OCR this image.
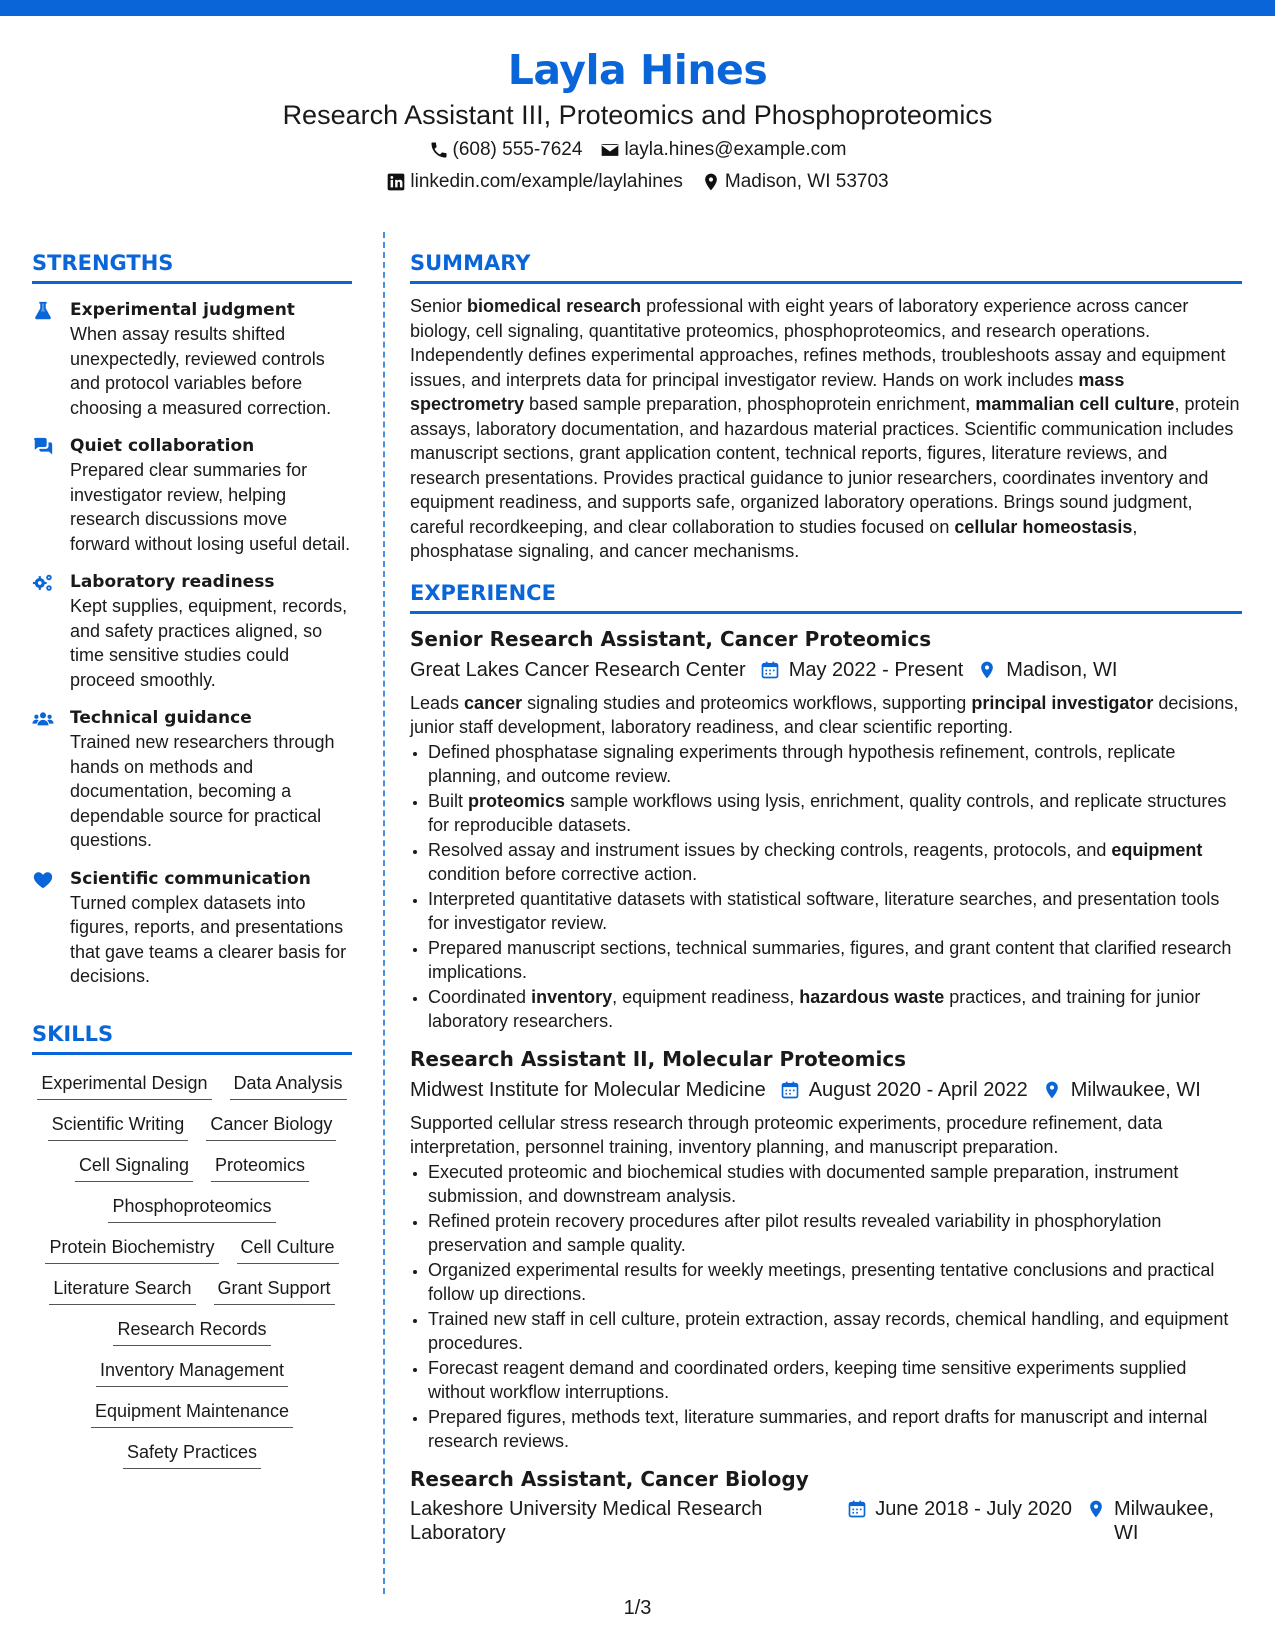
Layla Hines
Research Assistant III, Proteomics and Phosphoproteomics
(608) 555-7624 layla.hines@example.com
linkedin.com/example/laylahines Madison, WI 53703
STRENGTHS
Experimental judgment
When assay results shifted unexpectedly, reviewed controls and protocol variables before choosing a measured correction.
Quiet collaboration
Prepared clear summaries for investigator review, helping research discussions move forward without losing useful detail.
Laboratory readiness
Kept supplies, equipment, records, and safety practices aligned, so time sensitive studies could proceed smoothly.
Technical guidance
Trained new researchers through hands on methods and documentation, becoming a dependable source for practical questions.
Scientific communication
Turned complex datasets into figures, reports, and presentations that gave teams a clearer basis for decisions.
SKILLS
Experimental Design Data Analysis
Scientific Writing Cancer Biology
Cell Signaling Proteomics
Phosphoproteomics
Protein Biochemistry Cell Culture
Literature Search Grant Support
Research Records
Inventory Management
Equipment Maintenance
Safety Practices
SUMMARY
Senior biomedical research professional with eight years of laboratory experience across cancer biology, cell signaling, quantitative proteomics, phosphoproteomics, and research operations. Independently defines experimental approaches, refines methods, troubleshoots assay and equipment issues, and interprets data for principal investigator review. Hands on work includes mass spectrometry based sample preparation, phosphoprotein enrichment, mammalian cell culture, protein assays, laboratory documentation, and hazardous material practices. Scientific communication includes manuscript sections, grant application content, technical reports, figures, literature reviews, and research presentations. Provides practical guidance to junior researchers, coordinates inventory and equipment readiness, and supports safe, organized laboratory operations. Brings sound judgment, careful recordkeeping, and clear collaboration to studies focused on cellular homeostasis, phosphatase signaling, and cancer mechanisms.
EXPERIENCE
Senior Research Assistant, Cancer Proteomics
Great Lakes Cancer Research Center May 2022 - Present Madison, WI
Leads cancer signaling studies and proteomics workflows, supporting principal investigator decisions, junior staff development, laboratory readiness, and clear scientific reporting.
• Defined phosphatase signaling experiments through hypothesis refinement, controls, replicate planning, and outcome review.
• Built proteomics sample workflows using lysis, enrichment, quality controls, and replicate structures for reproducible datasets.
• Resolved assay and instrument issues by checking controls, reagents, protocols, and equipment condition before corrective action.
• Interpreted quantitative datasets with statistical software, literature searches, and presentation tools for investigator review.
• Prepared manuscript sections, technical summaries, figures, and grant content that clarified research implications.
• Coordinated inventory, equipment readiness, hazardous waste practices, and training for junior laboratory researchers.
Research Assistant II, Molecular Proteomics
Midwest Institute for Molecular Medicine August 2020 - April 2022 Milwaukee, WI
Supported cellular stress research through proteomic experiments, procedure refinement, data interpretation, personnel training, inventory planning, and manuscript preparation.
• Executed proteomic and biochemical studies with documented sample preparation, instrument submission, and downstream analysis.
• Refined protein recovery procedures after pilot results revealed variability in phosphorylation preservation and sample quality.
• Organized experimental results for weekly meetings, presenting tentative conclusions and practical follow up directions.
• Trained new staff in cell culture, protein extraction, assay records, chemical handling, and equipment procedures.
• Forecast reagent demand and coordinated orders, keeping time sensitive experiments supplied without workflow interruptions.
• Prepared figures, methods text, literature summaries, and report drafts for manuscript and internal research reviews.
Research Assistant, Cancer Biology
Lakeshore University Medical Research Laboratory
June 2018 - July 2020 Milwaukee, WI
1/3
